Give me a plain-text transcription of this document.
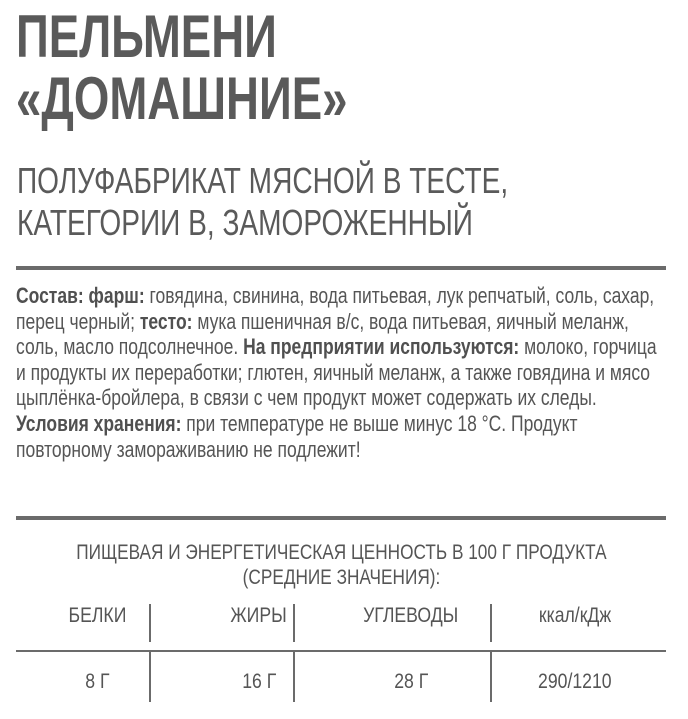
ПЕЛЬМЕНИ
«ДОМАШНИЕ»
ПОЛУФАБРИКАТ МЯСНОЙ В ТЕСТЕ,
КАТЕГОРИИ В, ЗАМОРОЖЕННЫЙ

Состав: фарш: говядина, свинина, вода питьевая, лук репчатый, соль, сахар, перец черный; тесто: мука пшеничная в/с, вода питьевая, яичный меланж, соль, масло подсолнечное. На предприятии используются: молоко, горчица и продукты их переработки; глютен, яичный меланж, а также говядина и мясо цыплёнка-бройлера, в связи с чем продукт может содержать их следы.

Условия хранения: при температуре не выше минус 18 °С. Продукт повторному замораживанию не подлежит!

ПИЩЕВАЯ И ЭНЕРГЕТИЧЕСКАЯ ЦЕННОСТЬ В 100 Г ПРОДУКТА
(СРЕДНИЕ ЗНАЧЕНИЯ):
БЕЛКИ	ЖИРЫ	УГЛЕВОДЫ	ккал/кДж
8 Г	16 Г	28 Г	290/1210
